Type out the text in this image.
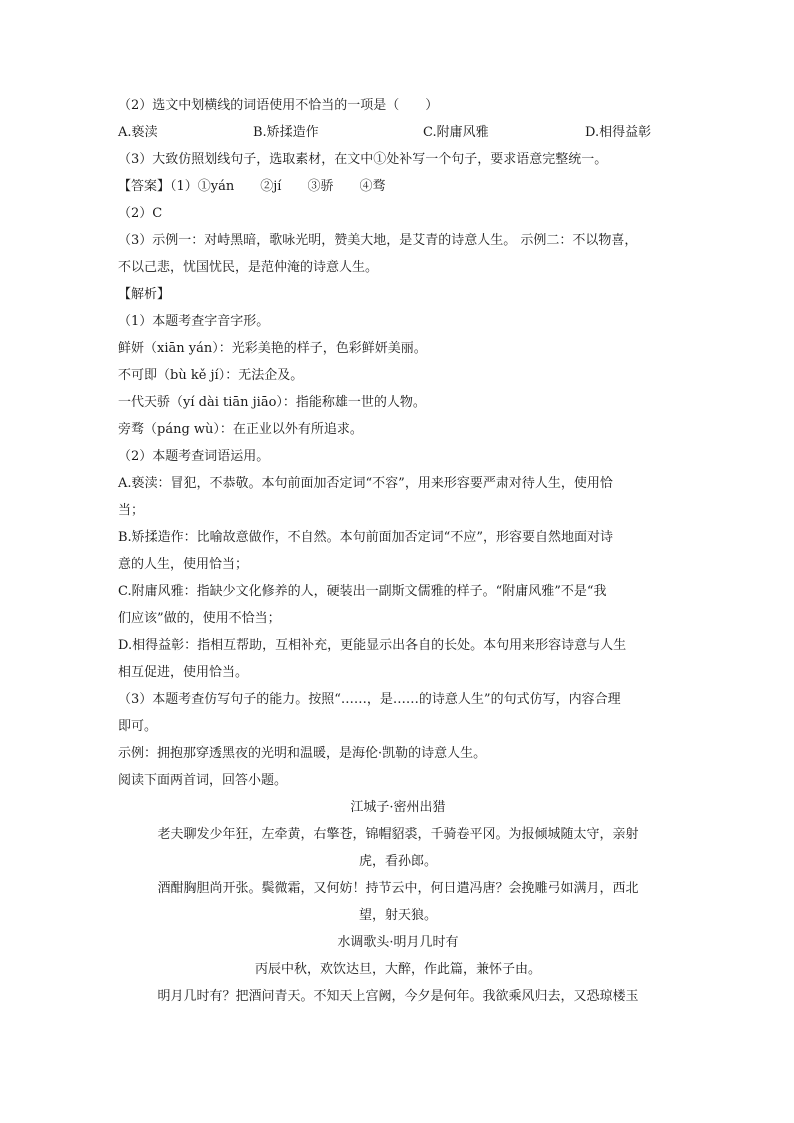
（2）选文中划横线的词语使用不恰当的一项是（　　）
A.亵渎	B.矫揉造作	C.附庸风雅	D.相得益彰
（3）大致仿照划线句子，选取素材，在文中①处补写一个句子，要求语意完整统一。
【答案】（1）①yán　　②jí　　③骄　　④骛
（2）C
（3）示例一：对峙黑暗，歌咏光明，赞美大地，是艾青的诗意人生。 示例二：不以物喜，
不以己悲，忧国忧民，是范仲淹的诗意人生。
【解析】
（1）本题考查字音字形。
鲜妍（xiān yán）：光彩美艳的样子，色彩鲜妍美丽。
不可即（bù kě jí）：无法企及。
一代天骄（yí dài tiān jiāo）：指能称雄一世的人物。
旁骛（páng wù）：在正业以外有所追求。
（2）本题考查词语运用。
A.亵渎：冒犯，不恭敬。本句前面加否定词“不容”，用来形容要严肃对待人生，使用恰
当；
B.矫揉造作：比喻故意做作，不自然。本句前面加否定词“不应”，形容要自然地面对诗
意的人生，使用恰当；
C.附庸风雅：指缺少文化修养的人，硬装出一副斯文儒雅的样子。“附庸风雅”不是“我
们应该”做的，使用不恰当；
D.相得益彰：指相互帮助，互相补充，更能显示出各自的长处。本句用来形容诗意与人生
相互促进，使用恰当。
（3）本题考查仿写句子的能力。按照“……，是……的诗意人生”的句式仿写，内容合理
即可。
示例：拥抱那穿透黑夜的光明和温暖，是海伦·凯勒的诗意人生。
阅读下面两首词，回答小题。
江城子·密州出猎
老夫聊发少年狂，左牵黄，右擎苍，锦帽貂裘，千骑卷平冈。为报倾城随太守，亲射
虎，看孙郎。
酒酣胸胆尚开张。鬓微霜，又何妨！持节云中，何日遣冯唐？会挽雕弓如满月，西北
望，射天狼。
水调歌头·明月几时有
丙辰中秋，欢饮达旦，大醉，作此篇，兼怀子由。
明月几时有？把酒问青天。不知天上宫阙，今夕是何年。我欲乘风归去，又恐琼楼玉
